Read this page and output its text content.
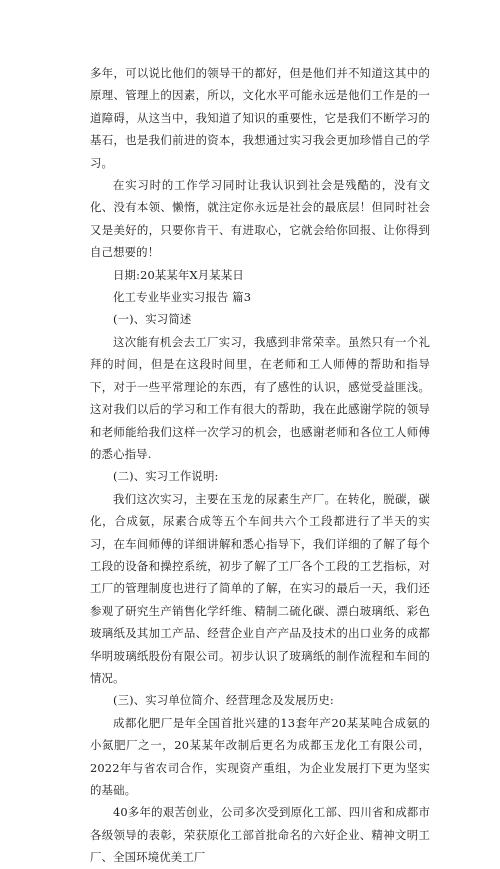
多年，可以说比他们的领导干的都好，但是他们并不知道这其中的原理、管理上的因素，所以，文化水平可能永远是他们工作是的一道障碍，从这当中，我知道了知识的重要性，它是我们不断学习的基石，也是我们前进的资本，我想通过实习我会更加珍惜自己的学习。

在实习时的工作学习同时让我认识到社会是残酷的，没有文化、没有本领、懒惰，就注定你永远是社会的最底层！但同时社会又是美好的，只要你肯干、有进取心，它就会给你回报、让你得到自己想要的！

日期:20某某年X月某某日

化工专业毕业实习报告 篇3

(一)、实习简述

这次能有机会去工厂实习，我感到非常荣幸。虽然只有一个礼拜的时间，但是在这段时间里，在老师和工人师傅的帮助和指导下，对于一些平常理论的东西，有了感性的认识，感觉受益匪浅。这对我们以后的学习和工作有很大的帮助，我在此感谢学院的领导和老师能给我们这样一次学习的机会，也感谢老师和各位工人师傅的悉心指导.

(二)、实习工作说明:

我们这次实习，主要在玉龙的尿素生产厂。在转化，脱碳，碳化，合成氨，尿素合成等五个车间共六个工段都进行了半天的实习，在车间师傅的详细讲解和悉心指导下，我们详细的了解了每个工段的设备和操控系统，初步了解了工厂各个工段的工艺指标，对工厂的管理制度也进行了简单的了解，在实习的最后一天，我们还参观了研究生产销售化学纤维、精制二硫化碳、漂白玻璃纸、彩色玻璃纸及其加工产品、经营企业自产产品及技术的出口业务的成都华明玻璃纸股份有限公司。初步认识了玻璃纸的制作流程和车间的情况。

(三)、实习单位简介、经营理念及发展历史:

成都化肥厂是年全国首批兴建的13套年产20某某吨合成氨的小氮肥厂之一，20某某年改制后更名为成都玉龙化工有限公司，2022年与省农司合作，实现资产重组，为企业发展打下更为坚实的基础。

40多年的艰苦创业，公司多次受到原化工部、四川省和成都市各级领导的表彰，荣获原化工部首批命名的六好企业、精神文明工厂、全国环境优美工厂
